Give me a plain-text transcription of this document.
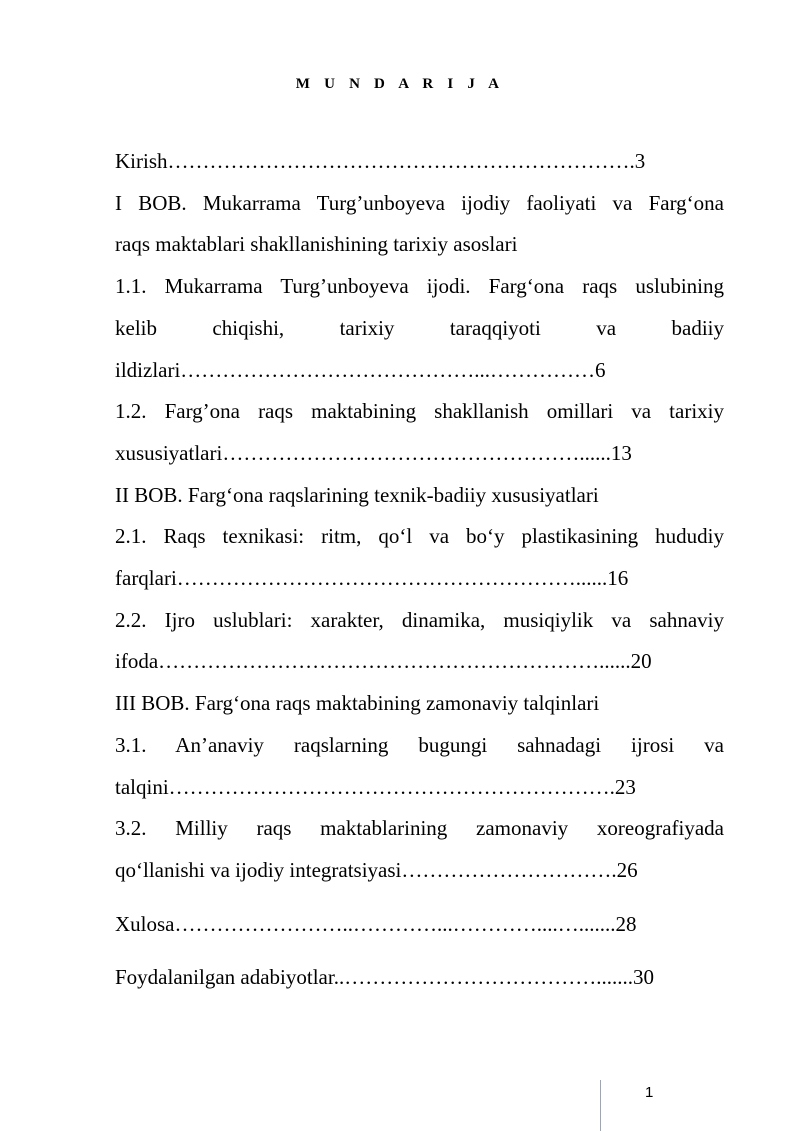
M U N D A R I J A
Kirish………………………………………………………….3
I BOB. Mukarrama Turg’unboyeva ijodiy faoliyati va Farg‘ona
raqs maktablari shakllanishining tarixiy asoslari
1.1. Mukarrama Turg’unboyeva ijodi. Farg‘ona raqs uslubining
kelib chiqishi, tarixiy taraqqiyoti va badiiy
ildizlari……………………………………...……………6
1.2. Farg’ona raqs maktabining shakllanish omillari va tarixiy
xususiyatlari……………………………………………......13
II BOB. Farg‘ona raqslarining texnik-badiiy xususiyatlari
2.1. Raqs texnikasi: ritm, qo‘l va bo‘y plastikasining hududiy
farqlari…………………………………………………......16
2.2. Ijro uslublari: xarakter, dinamika, musiqiylik va sahnaviy
ifoda………………………………………………………......20
III BOB. Farg‘ona raqs maktabining zamonaviy talqinlari
3.1. An’anaviy raqslarning bugungi sahnadagi ijrosi va
talqini……………………………………………………….23
3.2. Milliy raqs maktablarining zamonaviy xoreografiyada
qo‘llanishi va ijodiy integratsiyasi………………………….26
Xulosa……………………..…………...…………....….......28
Foydalanilgan adabiyotlar..……………………………….......30
1
